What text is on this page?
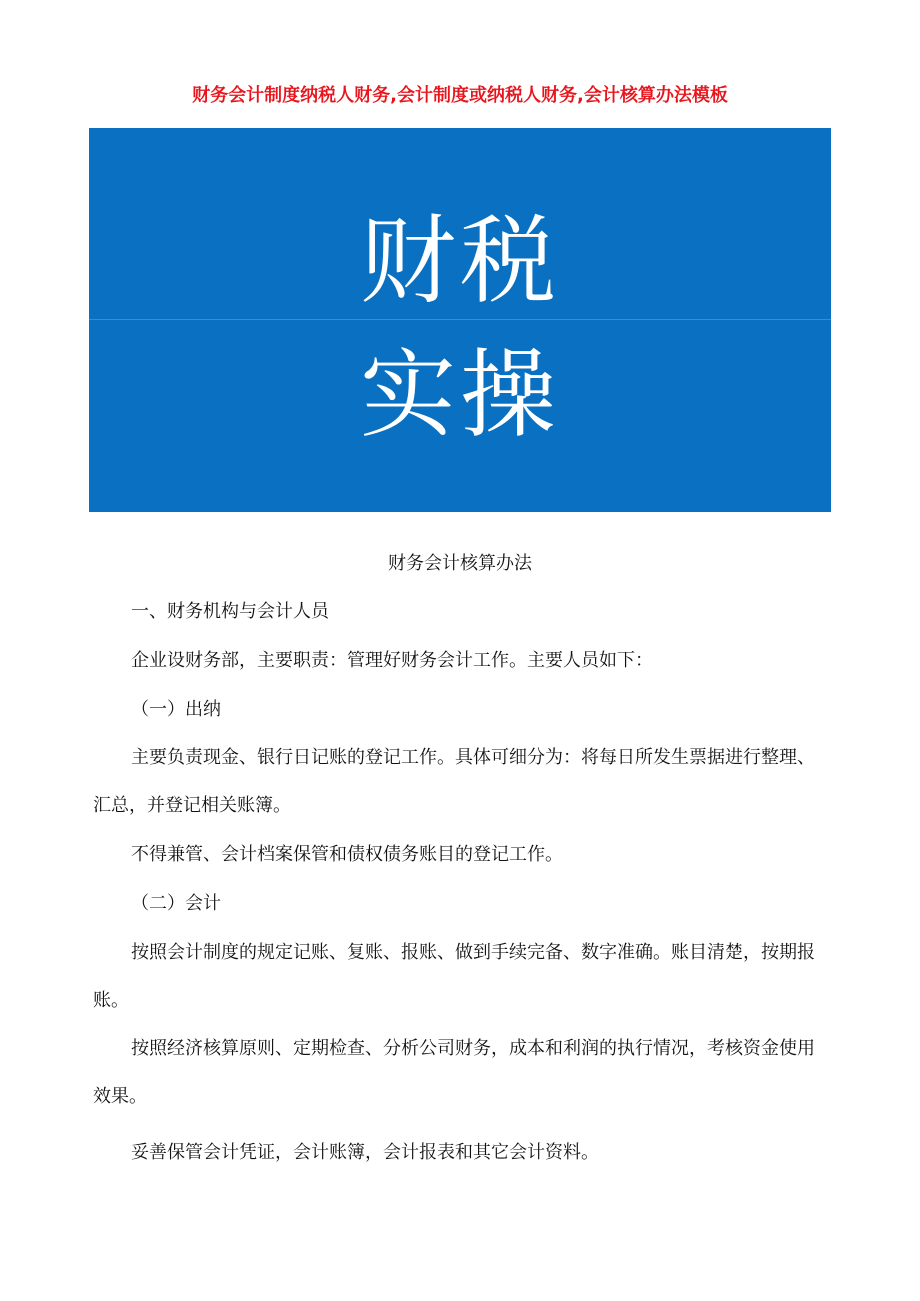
财务会计制度纳税人财务,会计制度或纳税人财务,会计核算办法模板
财税
实操
财务会计核算办法
一、财务机构与会计人员
企业设财务部，主要职责：管理好财务会计工作。主要人员如下：
（一）出纳
主要负责现金、银行日记账的登记工作。具体可细分为：将每日所发生票据进行整理、汇总，并登记相关账簿。
不得兼管、会计档案保管和债权债务账目的登记工作。
（二）会计
按照会计制度的规定记账、复账、报账、做到手续完备、数字准确。账目清楚，按期报账。
按照经济核算原则、定期检查、分析公司财务，成本和利润的执行情况，考核资金使用效果。
妥善保管会计凭证，会计账簿，会计报表和其它会计资料。
